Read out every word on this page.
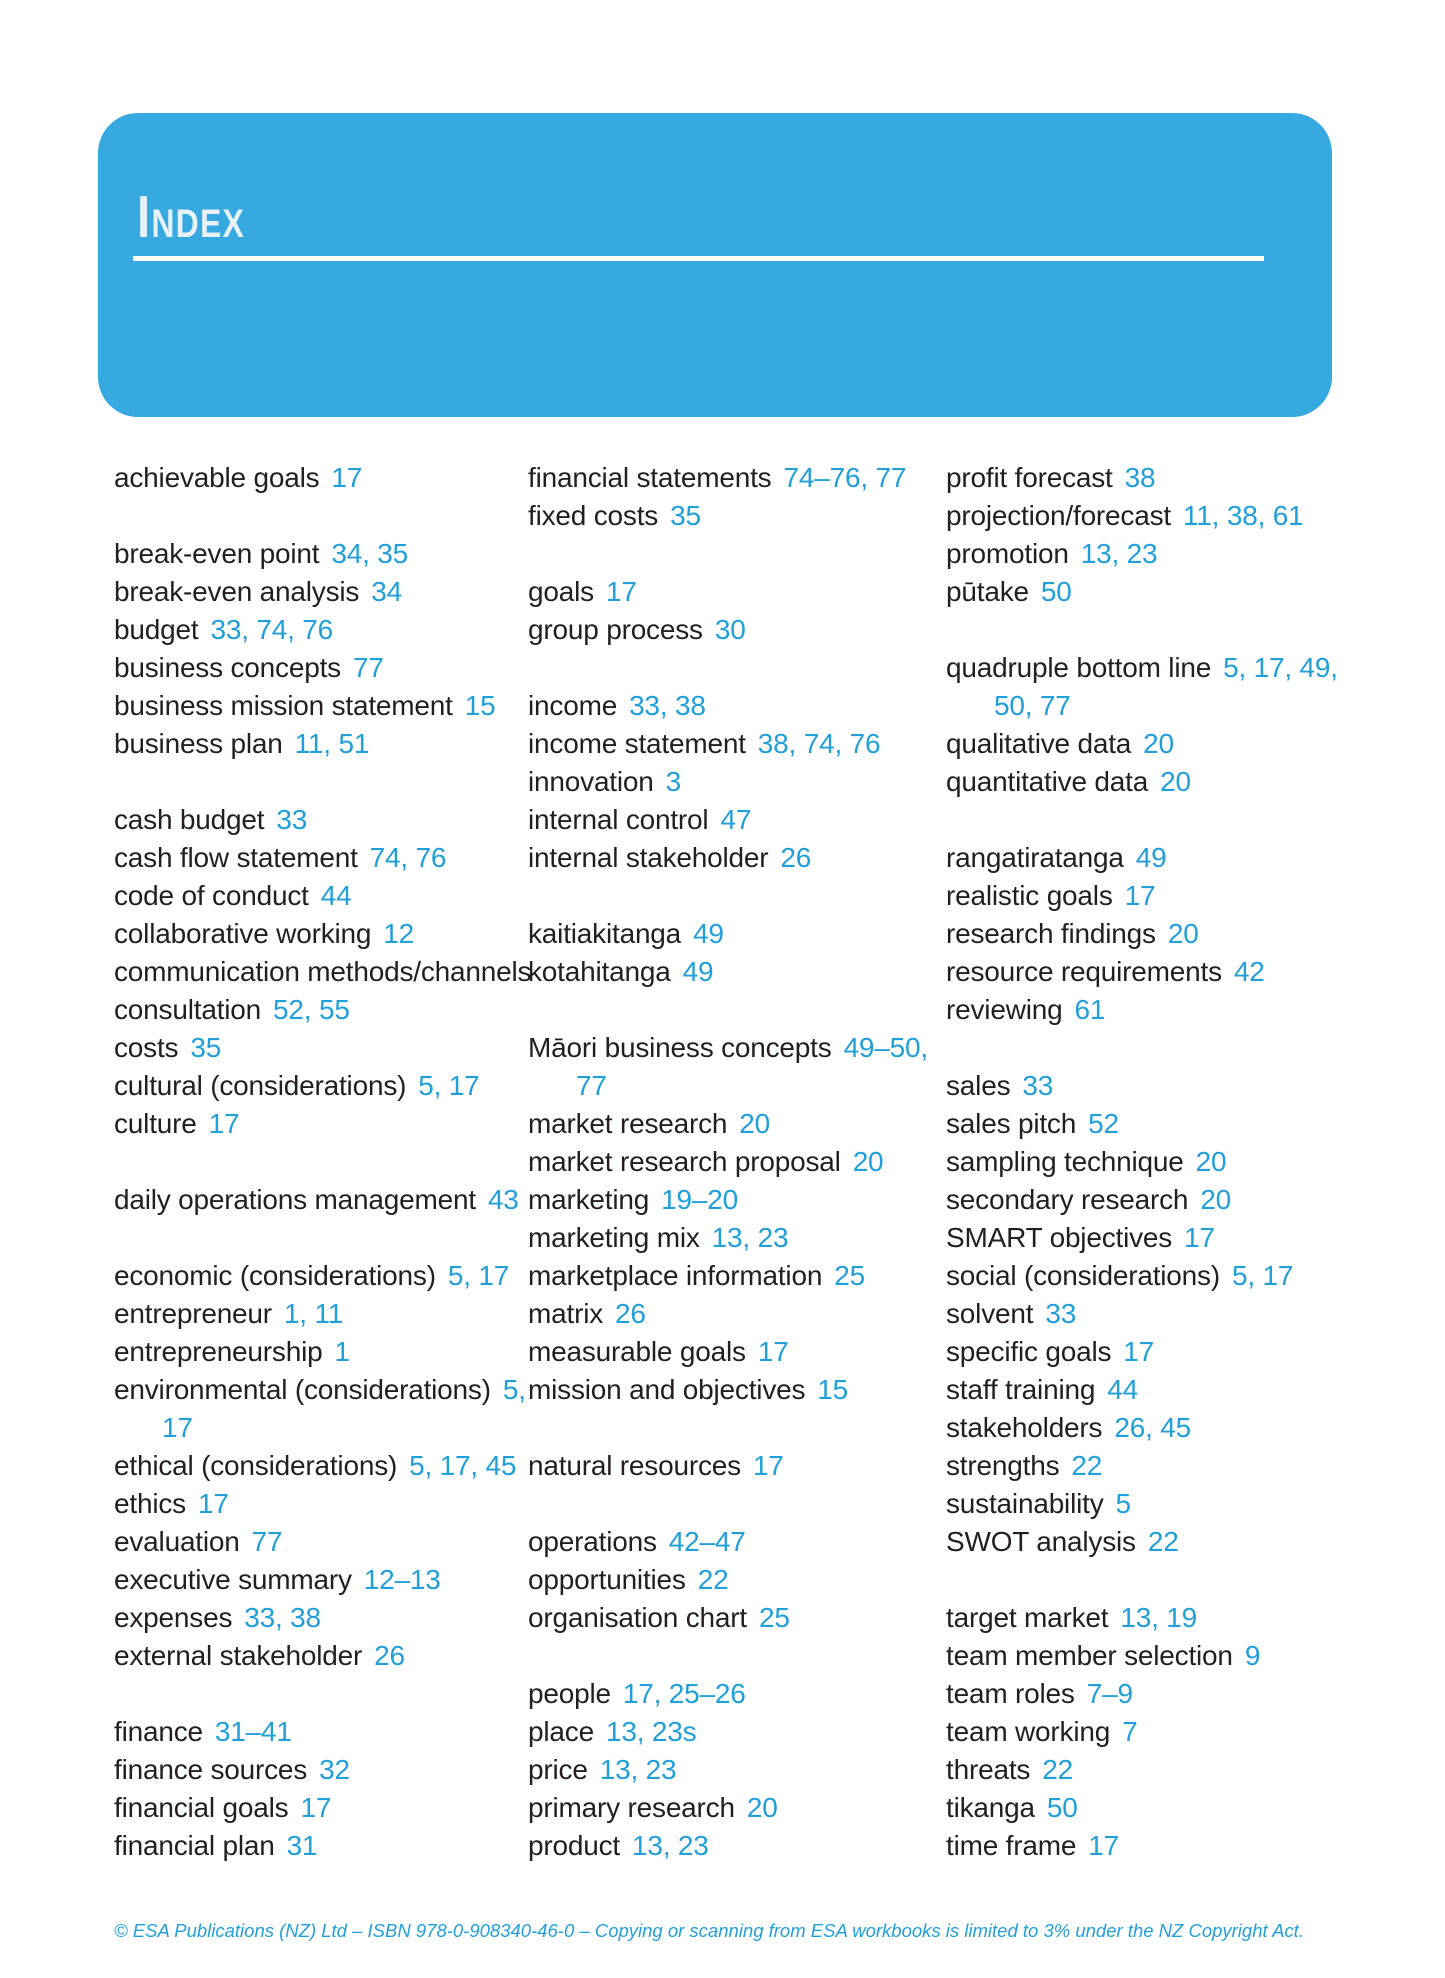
INDEX
achievable goals 17
break-even point 34, 35
break-even analysis 34
budget 33, 74, 76
business concepts 77
business mission statement 15
business plan 11, 51
cash budget 33
cash flow statement 74, 76
code of conduct 44
collaborative working 12
communication methods/channels
consultation 52, 55
costs 35
cultural (considerations) 5, 17
culture 17
daily operations management 43
economic (considerations) 5, 17
entrepreneur 1, 11
entrepreneurship 1
environmental (considerations) 5,
17
ethical (considerations) 5, 17, 45
ethics 17
evaluation 77
executive summary 12–13
expenses 33, 38
external stakeholder 26
finance 31–41
finance sources 32
financial goals 17
financial plan 31
financial statements 74–76, 77
fixed costs 35
goals 17
group process 30
income 33, 38
income statement 38, 74, 76
innovation 3
internal control 47
internal stakeholder 26
kaitiakitanga 49
kotahitanga 49
Māori business concepts 49–50,
77
market research 20
market research proposal 20
marketing 19–20
marketing mix 13, 23
marketplace information 25
matrix 26
measurable goals 17
mission and objectives 15
natural resources 17
operations 42–47
opportunities 22
organisation chart 25
people 17, 25–26
place 13, 23s
price 13, 23
primary research 20
product 13, 23
profit forecast 38
projection/forecast 11, 38, 61
promotion 13, 23
pūtake 50
quadruple bottom line 5, 17, 49,
50, 77
qualitative data 20
quantitative data 20
rangatiratanga 49
realistic goals 17
research findings 20
resource requirements 42
reviewing 61
sales 33
sales pitch 52
sampling technique 20
secondary research 20
SMART objectives 17
social (considerations) 5, 17
solvent 33
specific goals 17
staff training 44
stakeholders 26, 45
strengths 22
sustainability 5
SWOT analysis 22
target market 13, 19
team member selection 9
team roles 7–9
team working 7
threats 22
tikanga 50
time frame 17
© ESA Publications (NZ) Ltd – ISBN 978-0-908340-46-0 – Copying or scanning from ESA workbooks is limited to 3% under the NZ Copyright Act.
